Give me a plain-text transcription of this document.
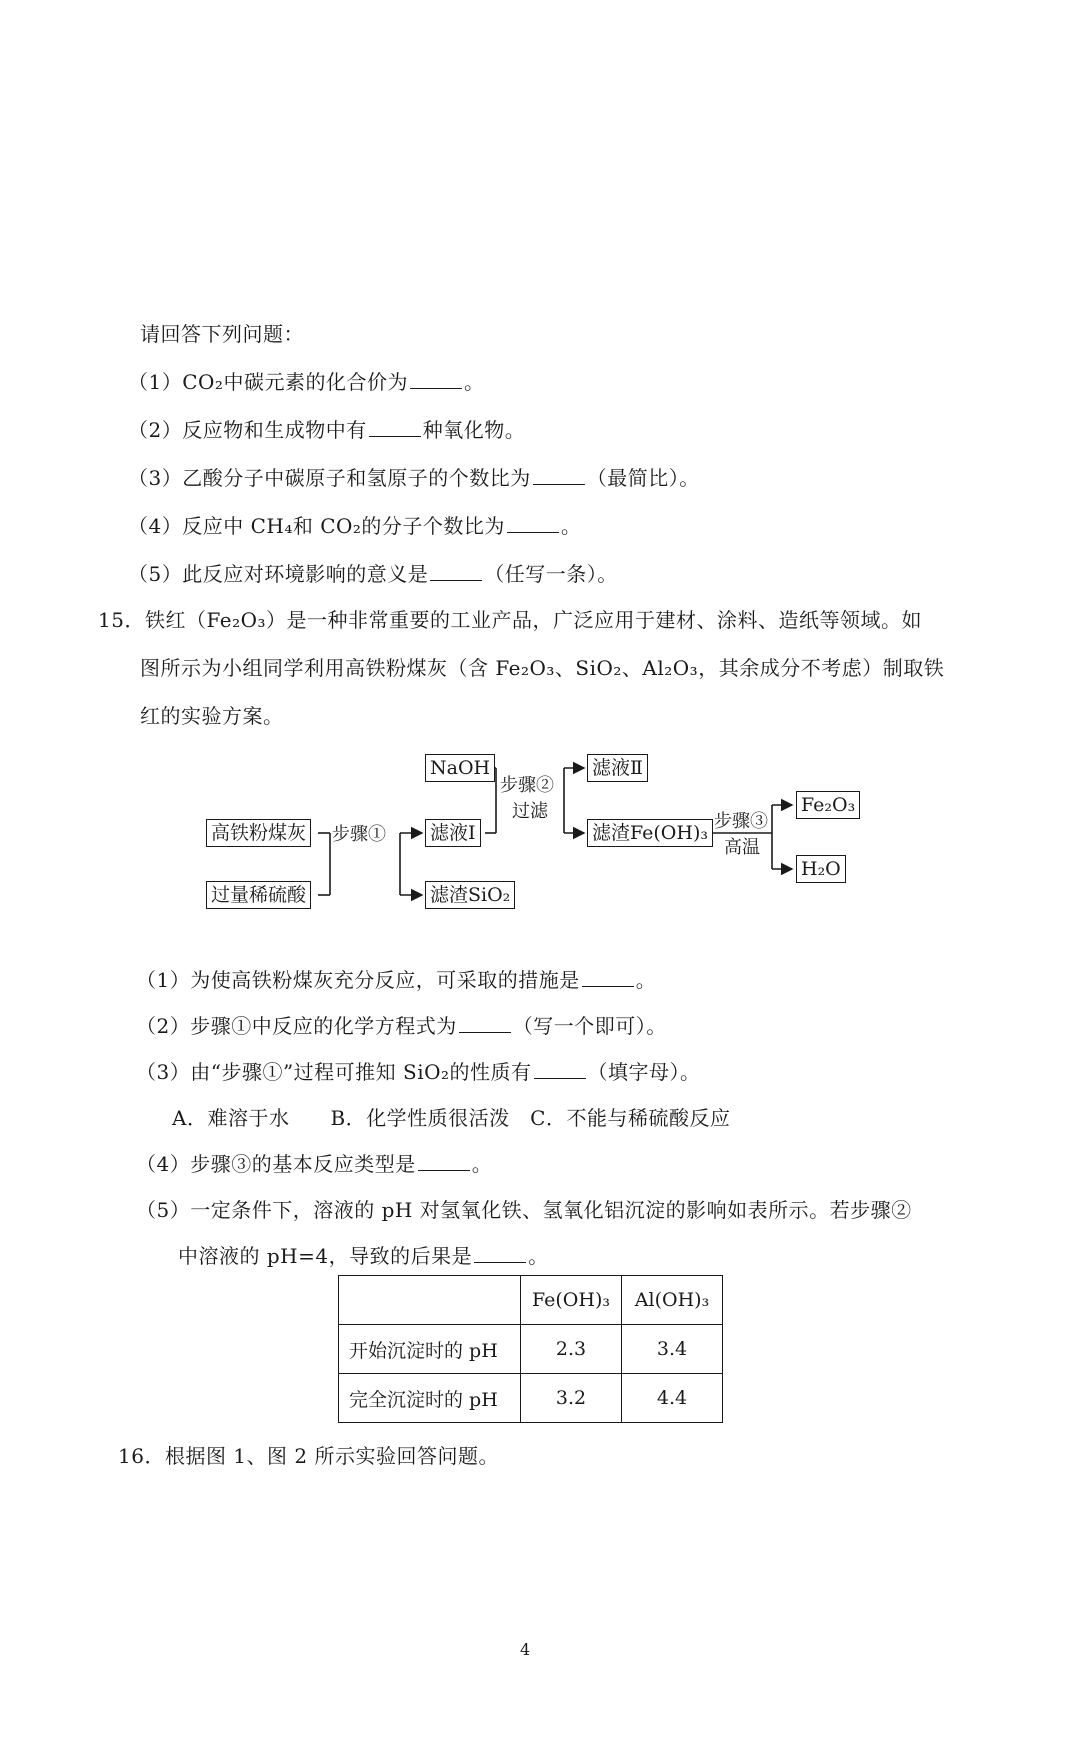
请回答下列问题：
（1）CO₂中碳元素的化合价为	。
（2）反应物和生成物中有	种氧化物。
（3）乙酸分子中碳原子和氢原子的个数比为	（最简比）。
（4）反应中 CH₄和 CO₂的分子个数比为	。
（5）此反应对环境影响的意义是	（任写一条）。
15．铁红（Fe₂O₃）是一种非常重要的工业产品，广泛应用于建材、涂料、造纸等领域。如
图所示为小组同学利用高铁粉煤灰（含 Fe₂O₃、SiO₂、Al₂O₃，其余成分不考虑）制取铁
红的实验方案。
高铁粉煤灰
过量稀硫酸
步骤① 滤液Ⅰ
滤渣SiO₂
NaOH
步骤②
过滤
滤液Ⅱ
滤渣Fe(OH)₃
步骤③
高温
Fe₂O₃
H₂O
（1）为使高铁粉煤灰充分反应，可采取的措施是	。
（2）步骤①中反应的化学方程式为	（写一个即可）。
（3）由“步骤①”过程可推知 SiO₂的性质有	（填字母）。
A．难溶于水　　B．化学性质很活泼　C．不能与稀硫酸反应
（4）步骤③的基本反应类型是	。
（5）一定条件下，溶液的 pH 对氢氧化铁、氢氧化铝沉淀的影响如表所示。若步骤②
中溶液的 pH=4，导致的后果是	。
	Fe(OH)₃	Al(OH)₃
开始沉淀时的 pH	2.3	3.4
完全沉淀时的 pH	3.2	4.4
16．根据图 1、图 2 所示实验回答问题。
4
